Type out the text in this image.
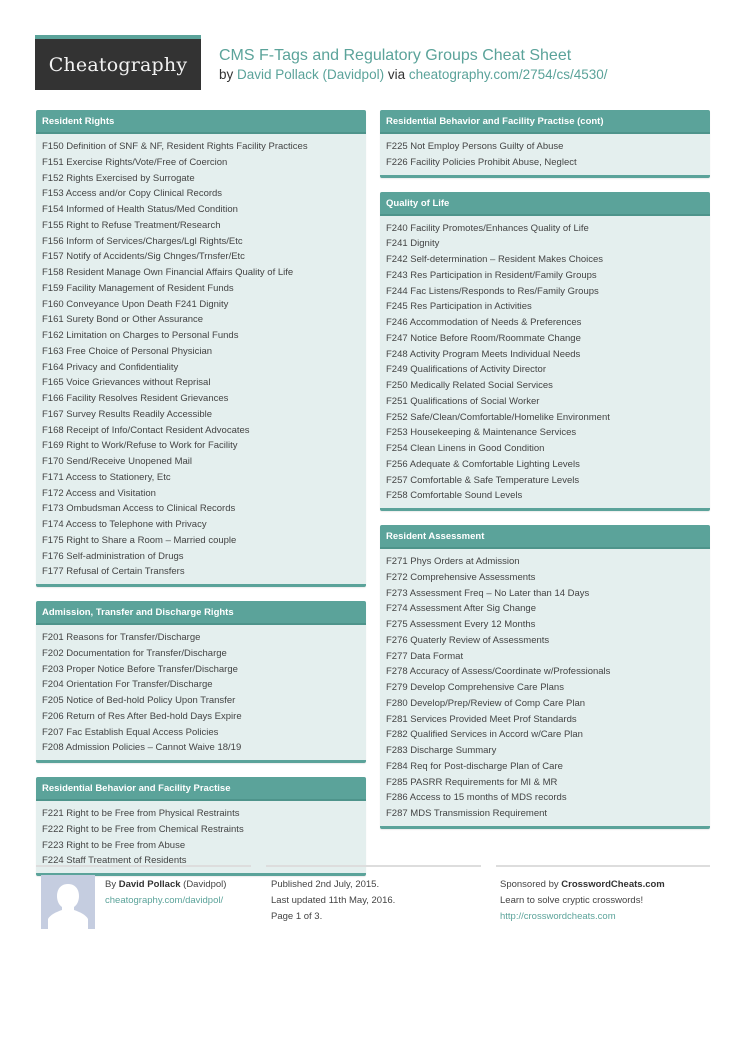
Cheatography CMS F-Tags and Regulatory Groups Cheat Sheet
by David Pollack (Davidpol) via cheatography.com/2754/cs/4530/
Resident Rights
F150 Definition of SNF & NF, Resident Rights Facility Practices
F151 Exercise Rights/Vote/Free of Coercion
F152 Rights Exercised by Surrogate
F153 Access and/or Copy Clinical Records
F154 Informed of Health Status/Med Condition
F155 Right to Refuse Treatment/Research
F156 Inform of Services/Charges/Lgl Rights/Etc
F157 Notify of Accidents/Sig Chnges/Trnsfer/Etc
F158 Resident Manage Own Financial Affairs Quality of Life
F159 Facility Management of Resident Funds
F160 Conveyance Upon Death F241 Dignity
F161 Surety Bond or Other Assurance
F162 Limitation on Charges to Personal Funds
F163 Free Choice of Personal Physician
F164 Privacy and Confidentiality
F165 Voice Grievances without Reprisal
F166 Facility Resolves Resident Grievances
F167 Survey Results Readily Accessible
F168 Receipt of Info/Contact Resident Advocates
F169 Right to Work/Refuse to Work for Facility
F170 Send/Receive Unopened Mail
F171 Access to Stationery, Etc
F172 Access and Visitation
F173 Ombudsman Access to Clinical Records
F174 Access to Telephone with Privacy
F175 Right to Share a Room – Married couple
F176 Self-administration of Drugs
F177 Refusal of Certain Transfers
Admission, Transfer and Discharge Rights
F201 Reasons for Transfer/Discharge
F202 Documentation for Transfer/Discharge
F203 Proper Notice Before Transfer/Discharge
F204 Orientation For Transfer/Discharge
F205 Notice of Bed-hold Policy Upon Transfer
F206 Return of Res After Bed-hold Days Expire
F207 Fac Establish Equal Access Policies
F208 Admission Policies – Cannot Waive 18/19
Residential Behavior and Facility Practise
F221 Right to be Free from Physical Restraints
F222 Right to be Free from Chemical Restraints
F223 Right to be Free from Abuse
F224 Staff Treatment of Residents
Residential Behavior and Facility Practise (cont)
F225 Not Employ Persons Guilty of Abuse
F226 Facility Policies Prohibit Abuse, Neglect
Quality of Life
F240 Facility Promotes/Enhances Quality of Life
F241 Dignity
F242 Self-determination – Resident Makes Choices
F243 Res Participation in Resident/Family Groups
F244 Fac Listens/Responds to Res/Family Groups
F245 Res Participation in Activities
F246 Accommodation of Needs & Preferences
F247 Notice Before Room/Roommate Change
F248 Activity Program Meets Individual Needs
F249 Qualifications of Activity Director
F250 Medically Related Social Services
F251 Qualifications of Social Worker
F252 Safe/Clean/Comfortable/Homelike Environment
F253 Housekeeping & Maintenance Services
F254 Clean Linens in Good Condition
F256 Adequate & Comfortable Lighting Levels
F257 Comfortable & Safe Temperature Levels
F258 Comfortable Sound Levels
Resident Assessment
F271 Phys Orders at Admission
F272 Comprehensive Assessments
F273 Assessment Freq – No Later than 14 Days
F274 Assessment After Sig Change
F275 Assessment Every 12 Months
F276 Quaterly Review of Assessments
F277 Data Format
F278 Accuracy of Assess/Coordinate w/Professionals
F279 Develop Comprehensive Care Plans
F280 Develop/Prep/Review of Comp Care Plan
F281 Services Provided Meet Prof Standards
F282 Qualified Services in Accord w/Care Plan
F283 Discharge Summary
F284 Req for Post-discharge Plan of Care
F285 PASRR Requirements for MI & MR
F286 Access to 15 months of MDS records
F287 MDS Transmission Requirement
By David Pollack (Davidpol)
cheatography.com/davidpol/
Published 2nd July, 2015.
Last updated 11th May, 2016.
Page 1 of 3.
Sponsored by CrosswordCheats.com
Learn to solve cryptic crosswords!
http://crosswordcheats.com
